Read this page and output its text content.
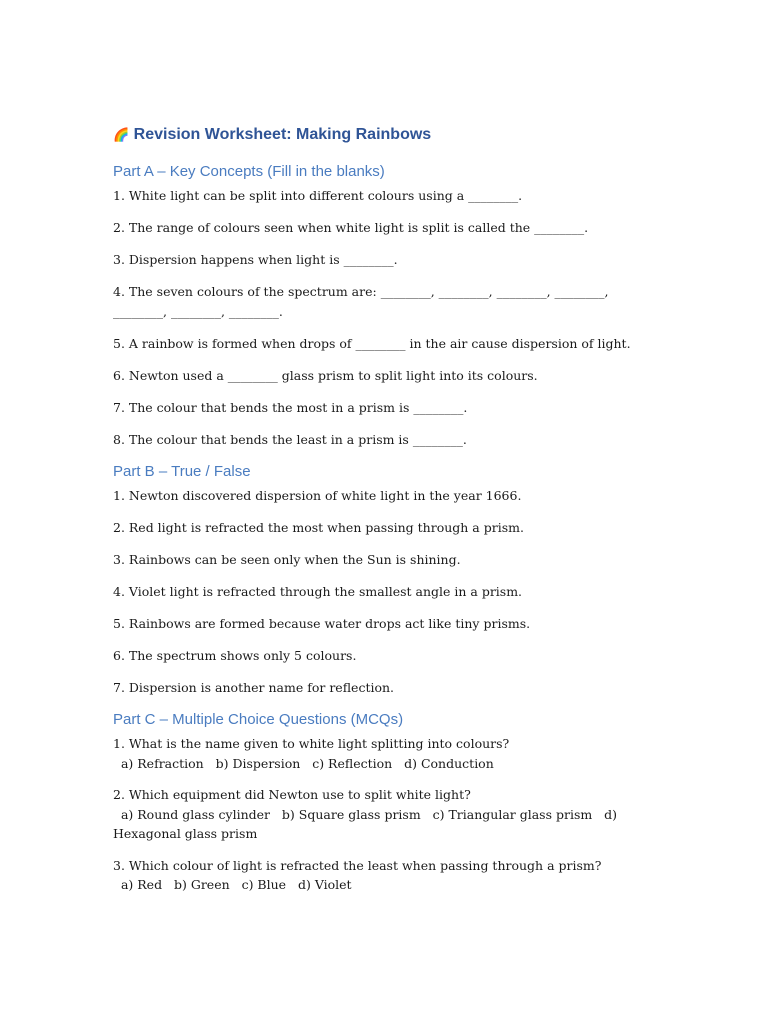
🌈 Revision Worksheet: Making Rainbows
Part A – Key Concepts (Fill in the blanks)
1. White light can be split into different colours using a ________.
2. The range of colours seen when white light is split is called the ________.
3. Dispersion happens when light is ________.
4. The seven colours of the spectrum are: ________, ________, ________, ________, ________, ________, ________.
5. A rainbow is formed when drops of ________ in the air cause dispersion of light.
6. Newton used a ________ glass prism to split light into its colours.
7. The colour that bends the most in a prism is ________.
8. The colour that bends the least in a prism is ________.
Part B – True / False
1. Newton discovered dispersion of white light in the year 1666.
2. Red light is refracted the most when passing through a prism.
3. Rainbows can be seen only when the Sun is shining.
4. Violet light is refracted through the smallest angle in a prism.
5. Rainbows are formed because water drops act like tiny prisms.
6. The spectrum shows only 5 colours.
7. Dispersion is another name for reflection.
Part C – Multiple Choice Questions (MCQs)
1. What is the name given to white light splitting into colours?
a) Refraction   b) Dispersion   c) Reflection   d) Conduction
2. Which equipment did Newton use to split white light?
a) Round glass cylinder   b) Square glass prism   c) Triangular glass prism   d) Hexagonal glass prism
3. Which colour of light is refracted the least when passing through a prism?
a) Red   b) Green   c) Blue   d) Violet
